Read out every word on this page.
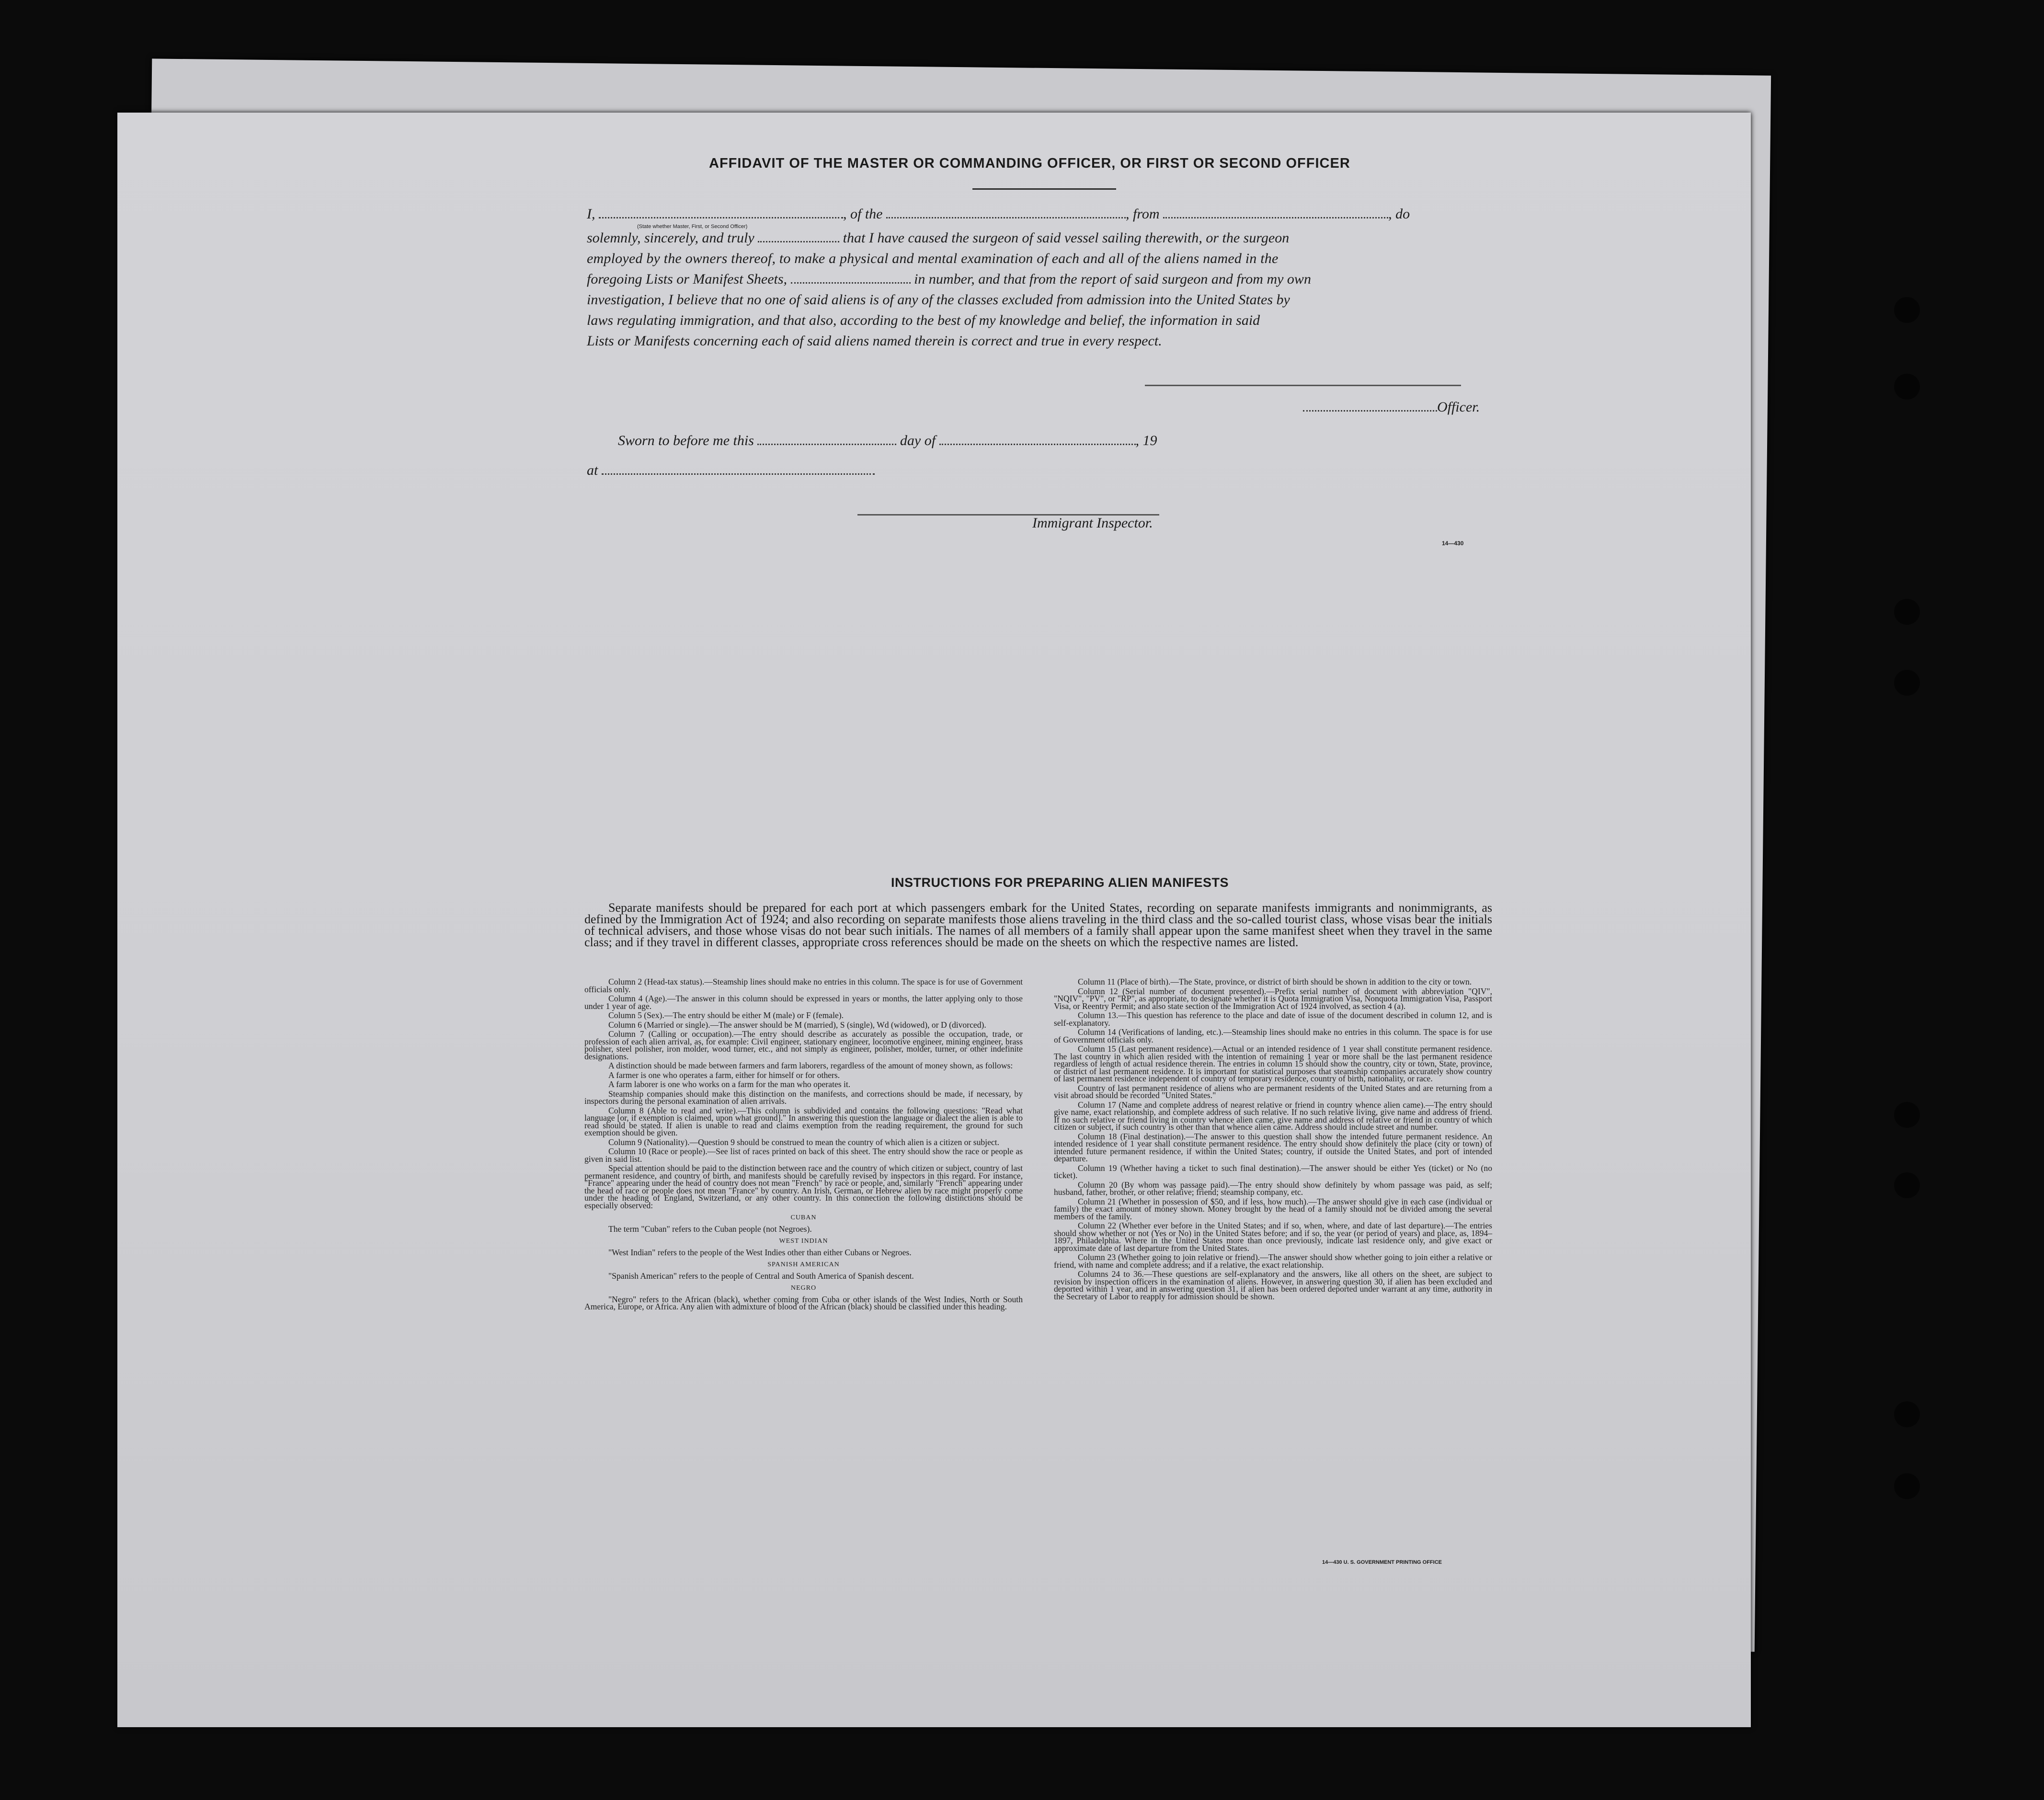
AFFIDAVIT OF THE MASTER OR COMMANDING OFFICER, OR FIRST OR SECOND OFFICER
I,	, of the	, from	, do
(State whether Master, First, or Second Officer)
solemnly, sincerely, and truly	that I have caused the surgeon of said vessel sailing therewith, or the surgeon
employed by the owners thereof, to make a physical and mental examination of each and all of the aliens named in the
foregoing Lists or Manifest Sheets,	in number, and that from the report of said surgeon and from my own
investigation, I believe that no one of said aliens is of any of the classes excluded from admission into the United States by
laws regulating immigration, and that also, according to the best of my knowledge and belief, the information in said
Lists or Manifests concerning each of said aliens named therein is correct and true in every respect.
Officer.
Sworn to before me this	day of	, 19
at
Immigrant Inspector.
14—430
INSTRUCTIONS FOR PREPARING ALIEN MANIFESTS
Separate manifests should be prepared for each port at which passengers embark for the United States, recording on separate manifests immigrants and nonimmigrants, as defined by the Immigration Act of 1924; and also recording on separate manifests those aliens traveling in the third class and the so-called tourist class, whose visas bear the initials of technical advisers, and those whose visas do not bear such initials. The names of all members of a family shall appear upon the same manifest sheet when they travel in the same class; and if they travel in different classes, appropriate cross references should be made on the sheets on which the respective names are listed.

Column 2 (Head-tax status).—Steamship lines should make no entries in this column. The space is for use of Government officials only.

Column 4 (Age).—The answer in this column should be expressed in years or months, the latter applying only to those under 1 year of age.

Column 5 (Sex).—The entry should be either M (male) or F (female).

Column 6 (Married or single).—The answer should be M (married), S (single), Wd (widowed), or D (divorced).

Column 7 (Calling or occupation).—The entry should describe as accurately as possible the occupation, trade, or profession of each alien arrival, as, for example: Civil engineer, stationary engineer, locomotive engineer, mining engineer, brass polisher, steel polisher, iron molder, wood turner, etc., and not simply as engineer, polisher, molder, turner, or other indefinite designations.

A distinction should be made between farmers and farm laborers, regardless of the amount of money shown, as follows:

A farmer is one who operates a farm, either for himself or for others.

A farm laborer is one who works on a farm for the man who operates it.

Steamship companies should make this distinction on the manifests, and corrections should be made, if necessary, by inspectors during the personal examination of alien arrivals.

Column 8 (Able to read and write).—This column is subdivided and contains the following questions: "Read what language [or, if exemption is claimed, upon what ground]." In answering this question the language or dialect the alien is able to read should be stated. If alien is unable to read and claims exemption from the reading requirement, the ground for such exemption should be given.

Column 9 (Nationality).—Question 9 should be construed to mean the country of which alien is a citizen or subject.

Column 10 (Race or people).—See list of races printed on back of this sheet. The entry should show the race or people as given in said list.

Special attention should be paid to the distinction between race and the country of which citizen or subject, country of last permanent residence, and country of birth, and manifests should be carefully revised by inspectors in this regard. For instance, "France" appearing under the head of country does not mean "French" by race or people, and, similarly "French" appearing under the head of race or people does not mean "France" by country. An Irish, German, or Hebrew alien by race might properly come under the heading of England, Switzerland, or any other country. In this connection the following distinctions should be especially observed:

CUBAN

The term "Cuban" refers to the Cuban people (not Negroes).

WEST INDIAN

"West Indian" refers to the people of the West Indies other than either Cubans or Negroes.

SPANISH AMERICAN

"Spanish American" refers to the people of Central and South America of Spanish descent.

NEGRO

"Negro" refers to the African (black), whether coming from Cuba or other islands of the West Indies, North or South America, Europe, or Africa. Any alien with admixture of blood of the African (black) should be classified under this heading.

Column 11 (Place of birth).—The State, province, or district of birth should be shown in addition to the city or town.

Column 12 (Serial number of document presented).—Prefix serial number of document with abbreviation "QIV", "NQIV", "PV", or "RP", as appropriate, to designate whether it is Quota Immigration Visa, Nonquota Immigration Visa, Passport Visa, or Reentry Permit; and also state section of the Immigration Act of 1924 involved, as section 4 (a).

Column 13.—This question has reference to the place and date of issue of the document described in column 12, and is self-explanatory.

Column 14 (Verifications of landing, etc.).—Steamship lines should make no entries in this column. The space is for use of Government officials only.

Column 15 (Last permanent residence).—Actual or an intended residence of 1 year shall constitute permanent residence. The last country in which alien resided with the intention of remaining 1 year or more shall be the last permanent residence regardless of length of actual residence therein. The entries in column 15 should show the country, city or town, State, province, or district of last permanent residence. It is important for statistical purposes that steamship companies accurately show country of last permanent residence independent of country of temporary residence, country of birth, nationality, or race.

Country of last permanent residence of aliens who are permanent residents of the United States and are returning from a visit abroad should be recorded "United States."

Column 17 (Name and complete address of nearest relative or friend in country whence alien came).—The entry should give name, exact relationship, and complete address of such relative. If no such relative living, give name and address of friend. If no such relative or friend living in country whence alien came, give name and address of relative or friend in country of which citizen or subject, if such country is other than that whence alien came. Address should include street and number.

Column 18 (Final destination).—The answer to this question shall show the intended future permanent residence. An intended residence of 1 year shall constitute permanent residence. The entry should show definitely the place (city or town) of intended future permanent residence, if within the United States; country, if outside the United States, and port of intended departure.

Column 19 (Whether having a ticket to such final destination).—The answer should be either Yes (ticket) or No (no ticket).

Column 20 (By whom was passage paid).—The entry should show definitely by whom passage was paid, as self; husband, father, brother, or other relative; friend; steamship company, etc.

Column 21 (Whether in possession of $50, and if less, how much).—The answer should give in each case (individual or family) the exact amount of money shown. Money brought by the head of a family should not be divided among the several members of the family.

Column 22 (Whether ever before in the United States; and if so, when, where, and date of last departure).—The entries should show whether or not (Yes or No) in the United States before; and if so, the year (or period of years) and place, as, 1894–1897, Philadelphia. Where in the United States more than once previously, indicate last residence only, and give exact or approximate date of last departure from the United States.

Column 23 (Whether going to join relative or friend).—The answer should show whether going to join either a relative or friend, with name and complete address; and if a relative, the exact relationship.

Columns 24 to 36.—These questions are self-explanatory and the answers, like all others on the sheet, are subject to revision by inspection officers in the examination of aliens. However, in answering question 30, if alien has been excluded and deported within 1 year, and in answering question 31, if alien has been ordered deported under warrant at any time, authority in the Secretary of Labor to reapply for admission should be shown.

14—430 U. S. GOVERNMENT PRINTING OFFICE
